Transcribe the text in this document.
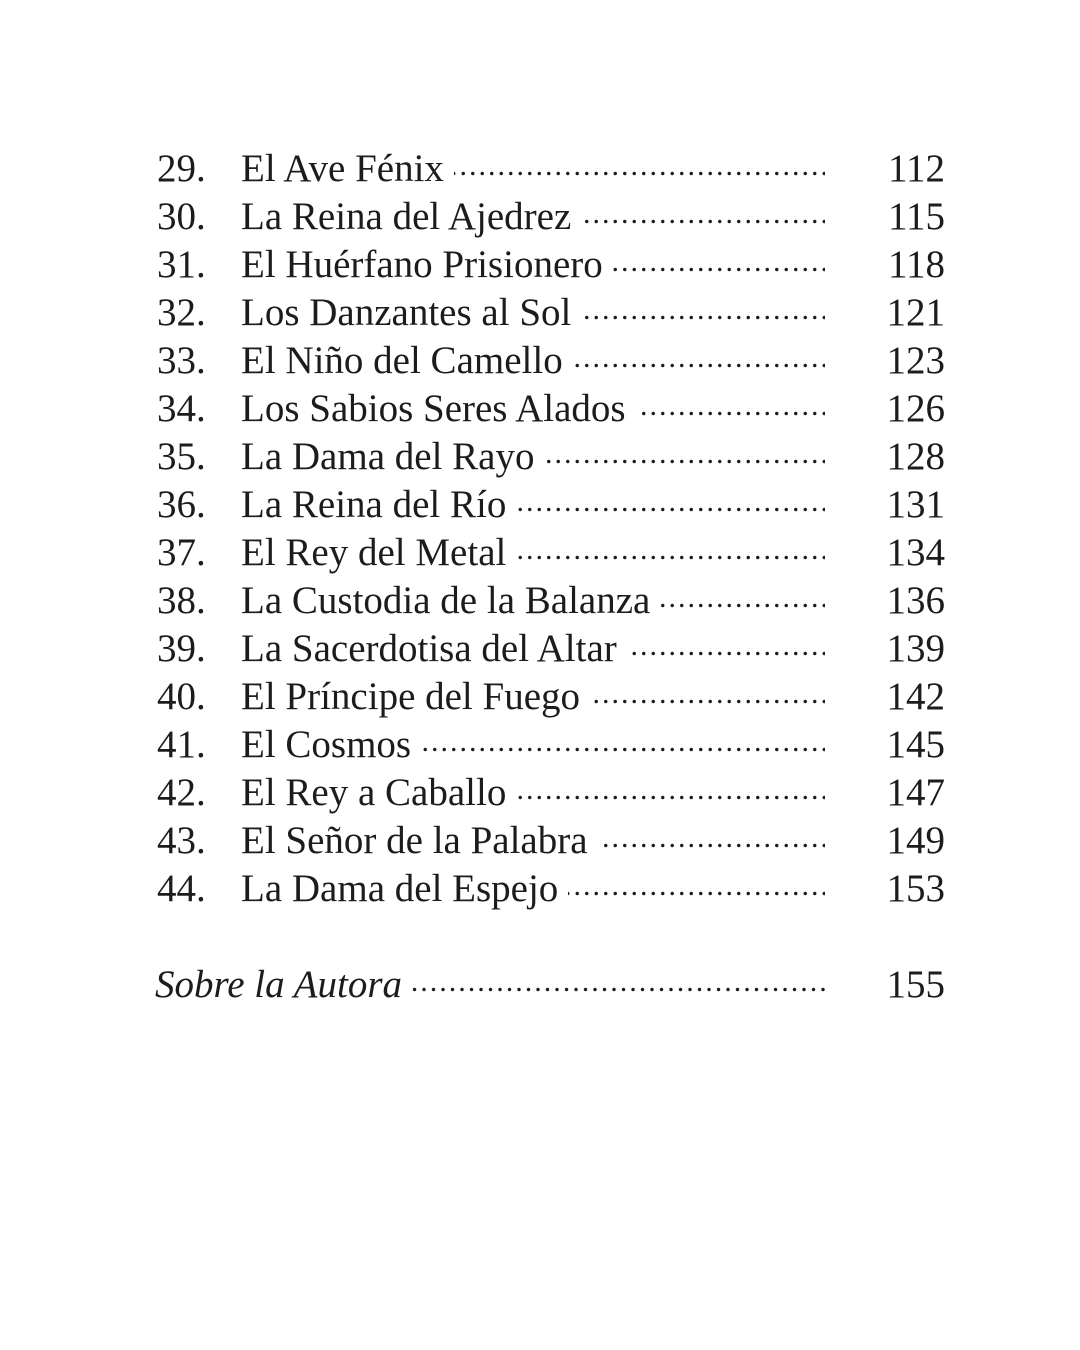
29. El Ave Fénix .....	112
30. La Reina del Ajedrez .....	115
31. El Huérfano Prisionero .....	118
32. Los Danzantes al Sol .....	121
33. El Niño del Camello .....	123
34. Los Sabios Seres Alados .....	126
35. La Dama del Rayo .....	128
36. La Reina del Río .....	131
37. El Rey del Metal .....	134
38. La Custodia de la Balanza .....	136
39. La Sacerdotisa del Altar .....	139
40. El Príncipe del Fuego .....	142
41. El Cosmos .....	145
42. El Rey a Caballo .....	147
43. El Señor de la Palabra .....	149
44. La Dama del Espejo .....	153
Sobre la Autora .....	155
